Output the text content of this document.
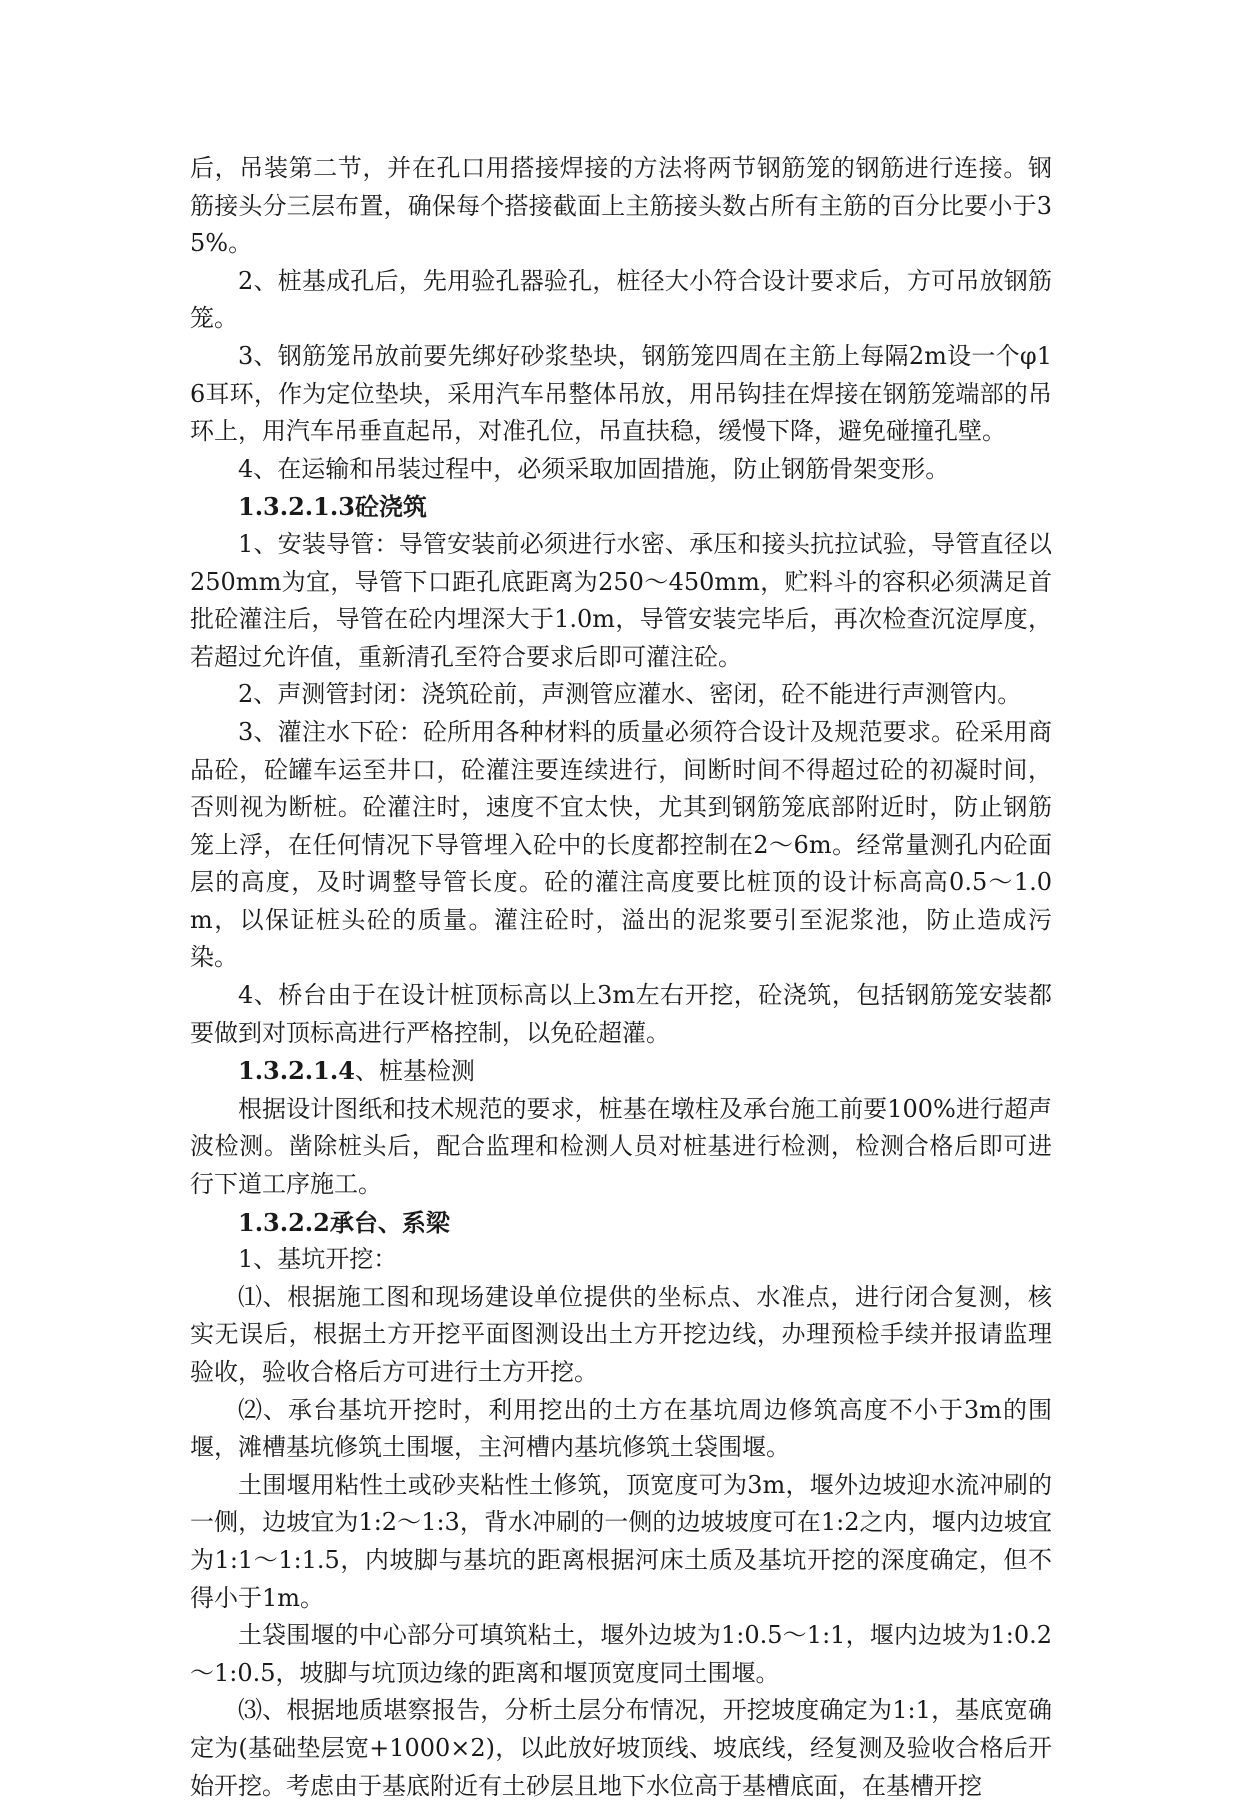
后，吊装第二节，并在孔口用搭接焊接的方法将两节钢筋笼的钢筋进行连接。钢筋接头分三层布置，确保每个搭接截面上主筋接头数占所有主筋的百分比要小于35%。

2、桩基成孔后，先用验孔器验孔，桩径大小符合设计要求后，方可吊放钢筋笼。

3、钢筋笼吊放前要先绑好砂浆垫块，钢筋笼四周在主筋上每隔2m设一个φ16耳环，作为定位垫块，采用汽车吊整体吊放，用吊钩挂在焊接在钢筋笼端部的吊环上，用汽车吊垂直起吊，对准孔位，吊直扶稳，缓慢下降，避免碰撞孔壁。

4、在运输和吊装过程中，必须采取加固措施，防止钢筋骨架变形。

1.3.2.1.3砼浇筑

1、安装导管：导管安装前必须进行水密、承压和接头抗拉试验，导管直径以250mm为宜，导管下口距孔底距离为250～450mm，贮料斗的容积必须满足首批砼灌注后，导管在砼内埋深大于1.0m，导管安装完毕后，再次检查沉淀厚度，若超过允许值，重新清孔至符合要求后即可灌注砼。

2、声测管封闭：浇筑砼前，声测管应灌水、密闭，砼不能进行声测管内。

3、灌注水下砼：砼所用各种材料的质量必须符合设计及规范要求。砼采用商品砼，砼罐车运至井口，砼灌注要连续进行，间断时间不得超过砼的初凝时间，否则视为断桩。砼灌注时，速度不宜太快，尤其到钢筋笼底部附近时，防止钢筋笼上浮，在任何情况下导管埋入砼中的长度都控制在2～6m。经常量测孔内砼面层的高度，及时调整导管长度。砼的灌注高度要比桩顶的设计标高高0.5～1.0m，以保证桩头砼的质量。灌注砼时，溢出的泥浆要引至泥浆池，防止造成污染。

4、桥台由于在设计桩顶标高以上3m左右开挖，砼浇筑，包括钢筋笼安装都要做到对顶标高进行严格控制，以免砼超灌。

1.3.2.1.4、桩基检测

根据设计图纸和技术规范的要求，桩基在墩柱及承台施工前要100%进行超声波检测。凿除桩头后，配合监理和检测人员对桩基进行检测，检测合格后即可进行下道工序施工。

1.3.2.2承台、系梁

1、基坑开挖：

⑴、根据施工图和现场建设单位提供的坐标点、水准点，进行闭合复测，核实无误后，根据土方开挖平面图测设出土方开挖边线，办理预检手续并报请监理验收，验收合格后方可进行土方开挖。

⑵、承台基坑开挖时，利用挖出的土方在基坑周边修筑高度不小于3m的围堰，滩槽基坑修筑土围堰，主河槽内基坑修筑土袋围堰。

土围堰用粘性土或砂夹粘性土修筑，顶宽度可为3m，堰外边坡迎水流冲刷的一侧，边坡宜为1:2～1:3，背水冲刷的一侧的边坡坡度可在1:2之内，堰内边坡宜为1:1～1:1.5，内坡脚与基坑的距离根据河床土质及基坑开挖的深度确定，但不得小于1m。

土袋围堰的中心部分可填筑粘土，堰外边坡为1:0.5～1:1，堰内边坡为1:0.2～1:0.5，坡脚与坑顶边缘的距离和堰顶宽度同土围堰。

⑶、根据地质堪察报告，分析土层分布情况，开挖坡度确定为1:1，基底宽确定为(基础垫层宽+1000×2)，以此放好坡顶线、坡底线，经复测及验收合格后开始开挖。考虑由于基底附近有土砂层且地下水位高于基槽底面，在基槽开挖
